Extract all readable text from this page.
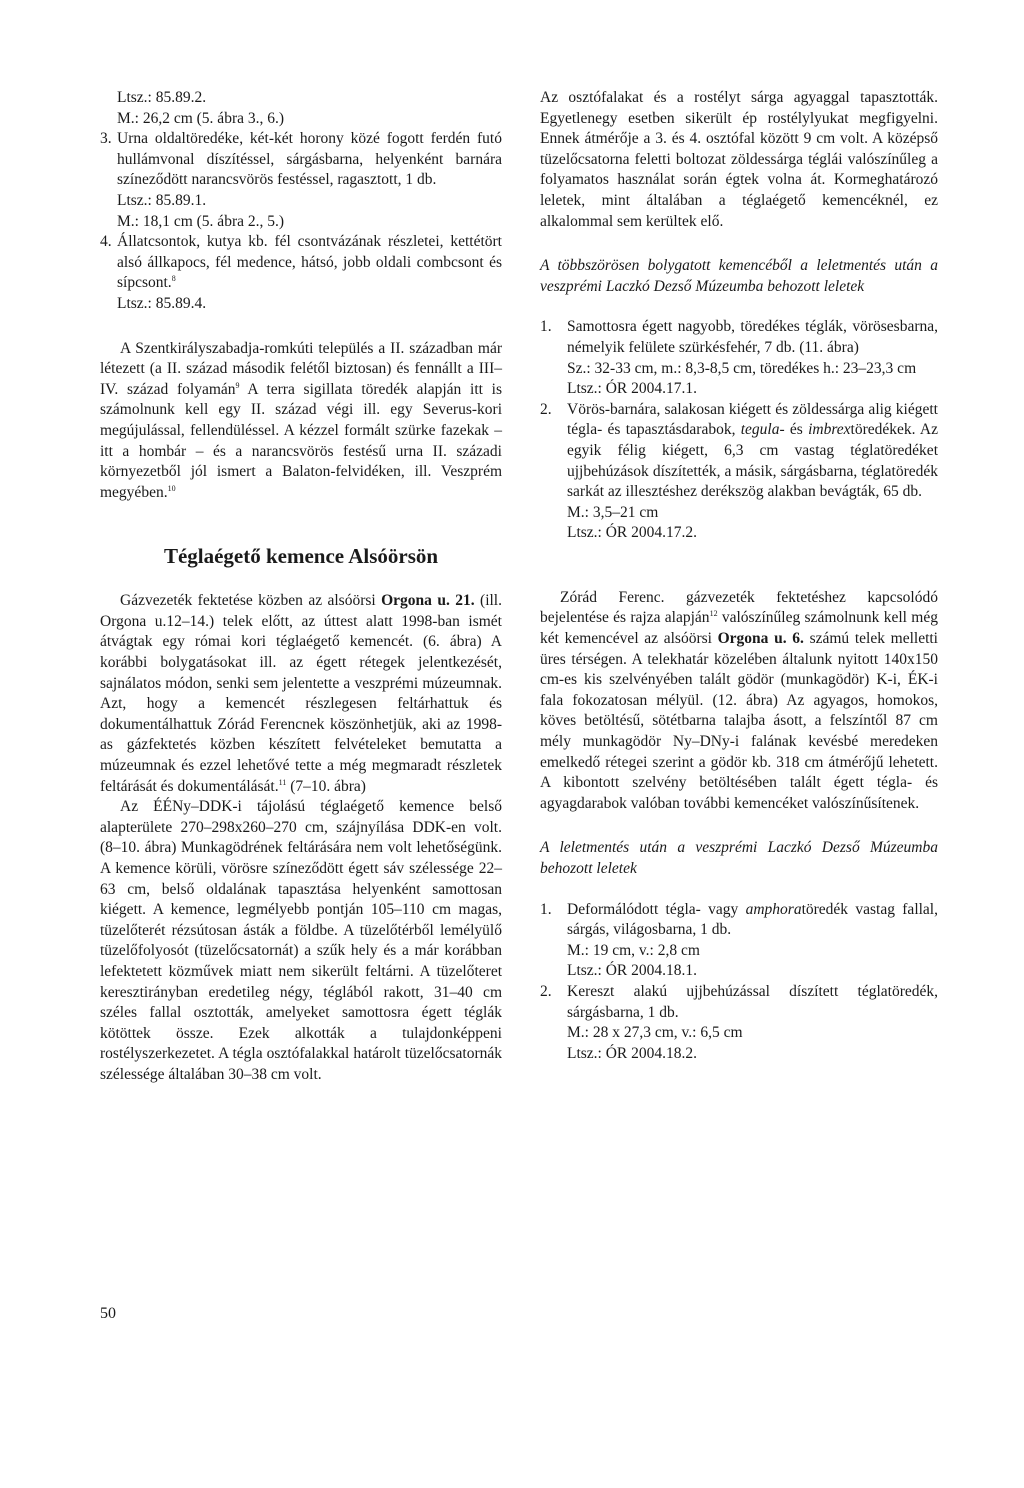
Ltsz.: 85.89.2.
M.: 26,2 cm (5. ábra 3., 6.)
3. Urna oldaltöredéke, két-két horony közé fogott ferdén futó hullámvonal díszítéssel, sárgásbarna, helyenként barnára színeződött narancsvörös festéssel, ragasztott, 1 db.
Ltsz.: 85.89.1.
M.: 18,1 cm (5. ábra 2., 5.)
4. Állatcsontok, kutya kb. fél csontvázának részletei, kettétört alsó állkapocs, fél medence, hátsó, jobb oldali combcsont és sípcsont.$^8$
Ltsz.: 85.89.4.

A Szentkirályszabadja-romkúti település a II. században már létezett (a II. század második felétől biztosan) és fennállt a III–IV. század folyamán$^9$ A terra sigillata töredék alapján itt is számolnunk kell egy II. század végi ill. egy Severus-kori megújulással, fellendüléssel. A kézzel formált szürke fazekak – itt a hombár – és a narancsvörös festésű urna II. századi környezetből jól ismert a Balaton-felvidéken, ill. Veszprém megyében.$^{10}$

Téglaégető kemence Alsóörsön

Gázvezeték fektetése közben az alsóörsi Orgona u. 21. (ill. Orgona u.12–14.) telek előtt, az úttest alatt 1998-ban ismét átvágtak egy római kori téglaégető kemencét. (6. ábra) A korábbi bolygatásokat ill. az égett rétegek jelentkezését, sajnálatos módon, senki sem jelentette a veszprémi múzeumnak. Azt, hogy a kemencét részlegesen feltárhattuk és dokumentálhattuk Zórád Ferencnek köszönhetjük, aki az 1998-as gázfektetés közben készített felvételeket bemutatta a múzeumnak és ezzel lehetővé tette a még megmaradt részletek feltárását és dokumentálását.$^{11}$ (7–10. ábra)

Az ÉÉNy–DDK-i tájolású téglaégető kemence belső alapterülete 270–298x260–270 cm, szájnyílása DDK-en volt. (8–10. ábra) Munkagödrének feltárására nem volt lehetőségünk. A kemence körüli, vörösre színeződött égett sáv szélessége 22–63 cm, belső oldalának tapasztása helyenként samottosan kiégett. A kemence, legmélyebb pontján 105–110 cm magas, tüzelőterét rézsútosan ásták a földbe. A tüzelőtérből lemélyülő tüzelőfolyosót (tüzelőcsatornát) a szűk hely és a már korábban lefektetett közművek miatt nem sikerült feltárni. A tüzelőteret keresztirányban eredetileg négy, téglából rakott, 31–40 cm széles fallal osztották, amelyeket samottosra égett téglák kötöttek össze. Ezek alkották a tulajdonképpeni rostélyszerkezetet. A tégla osztófalakkal határolt tüzelőcsatornák szélessége általában 30–38 cm volt.

Az osztófalakat és a rostélyt sárga agyaggal tapasztották. Egyetlenegy esetben sikerült ép rostélylyukat megfigyelni. Ennek átmérője a 3. és 4. osztófal között 9 cm volt. A középső tüzelőcsatorna feletti boltozat zöldessárga téglái valószínűleg a folyamatos használat során égtek volna át. Kormeghatározó leletek, mint általában a téglaégető kemencéknél, ez alkalommal sem kerültek elő.

A többszörösen bolygatott kemencéből a leletmentés után a veszprémi Laczkó Dezső Múzeumba behozott leletek

1. Samottosra égett nagyobb, töredékes téglák, vörösesbarna, némelyik felülete szürkésfehér, 7 db. (11. ábra)
Sz.: 32-33 cm, m.: 8,3-8,5 cm, töredékes h.: 23–23,3 cm
Ltsz.: ÓR 2004.17.1.
2. Vörös-barnára, salakosan kiégett és zöldessárga alig kiégett tégla- és tapasztásdarabok, tegula- és imbrextöredékek. Az egyik félig kiégett, 6,3 cm vastag téglatöredéket ujjbehúzások díszítették, a másik, sárgásbarna, téglatöredék sarkát az illesztéshez derékszög alakban bevágták, 65 db.
M.: 3,5–21 cm
Ltsz.: ÓR 2004.17.2.

Zórád Ferenc. gázvezeték fektetéshez kapcsolódó bejelentése és rajza alapján$^{12}$ valószínűleg számolnunk kell még két kemencével az alsóörsi Orgona u. 6. számú telek melletti üres térségen. A telekhatár közelében általunk nyitott 140x150 cm-es kis szelvényében talált gödör (munkagödör) K-i, ÉK-i fala fokozatosan mélyül. (12. ábra) Az agyagos, homokos, köves betöltésű, sötétbarna talajba ásott, a felszíntől 87 cm mély munkagödör Ny–DNy-i falának kevésbé meredeken emelkedő rétegei szerint a gödör kb. 318 cm átmérőjű lehetett. A kibontott szelvény betöltésében talált égett tégla- és agyagdarabok valóban további kemencéket valószínűsítenek.

A leletmentés után a veszprémi Laczkó Dezső Múzeumba behozott leletek

1. Deformálódott tégla- vagy amphoratöredék vastag fallal, sárgás, világosbarna, 1 db.
M.: 19 cm, v.: 2,8 cm
Ltsz.: ÓR 2004.18.1.
2. Kereszt alakú ujjbehúzással díszített téglatöredék, sárgásbarna, 1 db.
M.: 28 x 27,3 cm, v.: 6,5 cm
Ltsz.: ÓR 2004.18.2.
50
